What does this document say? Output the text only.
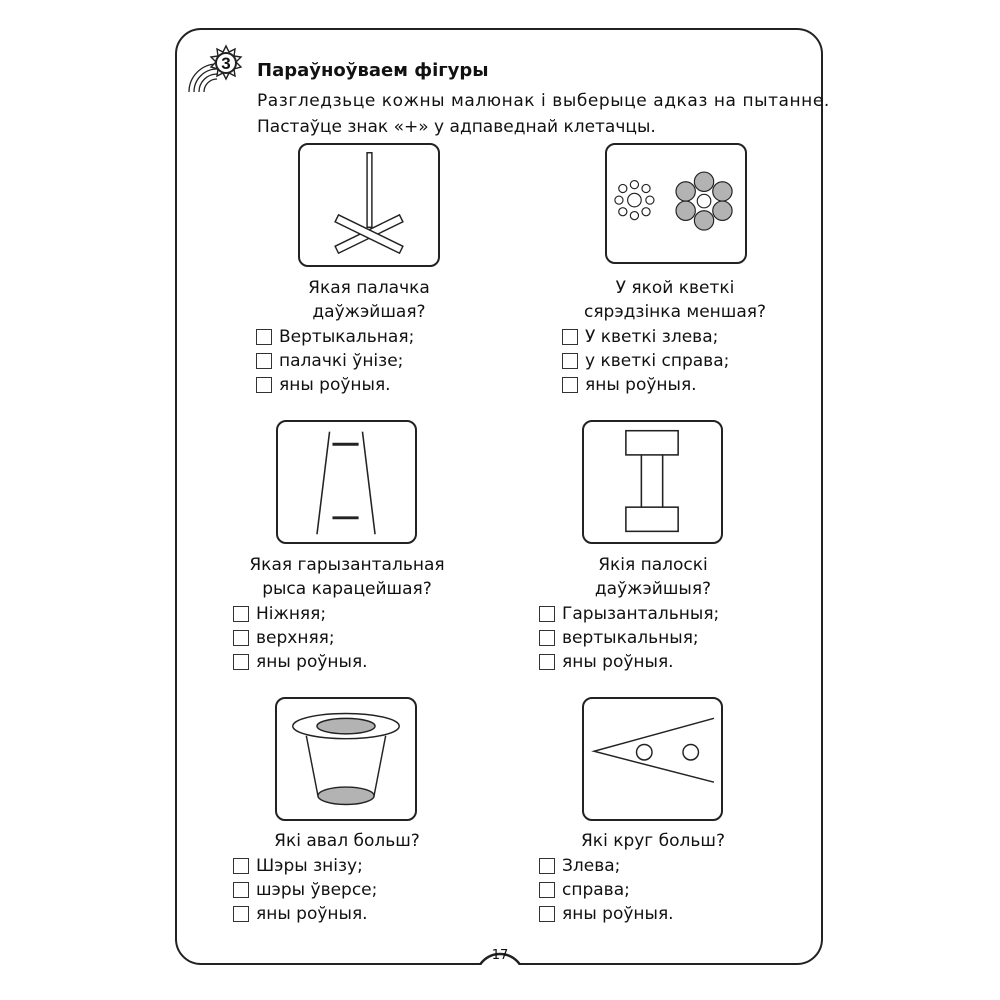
3 Параўноўваем фігуры

Разгледзьце кожны малюнак і выберыце адказ на пытанне.
Пастаўце знак «+» у адпаведнай клетачцы.

Якая палачка
даўжэйшая?

Вертыкальная;
палачкі ўнізе;
яны роўныя.

У якой кветкі
сярэдзінка меншая?

У кветкі злева;
у кветкі справа;
яны роўныя.

Якая гарызантальная
рыса карацейшая?

Ніжняя;
верхняя;
яны роўныя.

Якія палоскі
даўжэйшыя?

Гарызантальныя;
вертыкальныя;
яны роўныя.

Які авал больш?

Шэры знізу;
шэры ўверсе;
яны роўныя.

Які круг больш?

Злева;
справа;
яны роўныя.
17
